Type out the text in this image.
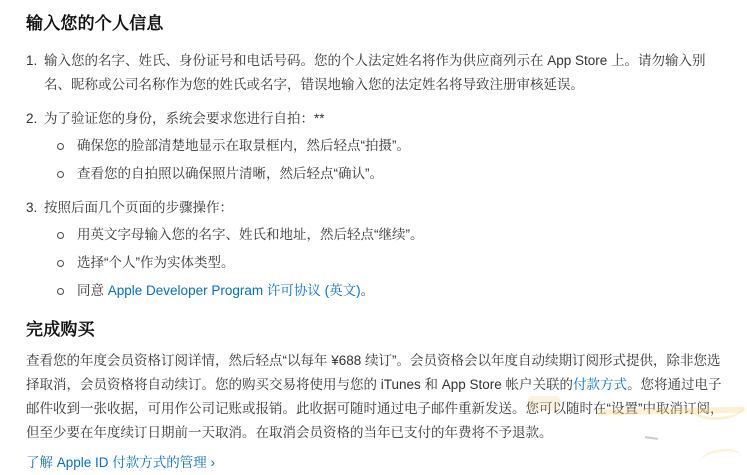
输入您的个人信息
1. 输入您的名字、姓氏、身份证号和电话号码。您的个人法定姓名将作为供应商列示在 App Store 上。请勿输入别名、昵称或公司名称作为您的姓氏或名字，错误地输入您的法定姓名将导致注册审核延误。
2. 为了验证您的身份，系统会要求您进行自拍：**
确保您的脸部清楚地显示在取景框内，然后轻点“拍摄”。
查看您的自拍照以确保照片清晰，然后轻点“确认”。
3. 按照后面几个页面的步骤操作：
用英文字母输入您的名字、姓氏和地址，然后轻点“继续”。
选择“个人”作为实体类型。
同意 Apple Developer Program 许可协议 (英文)。
完成购买

查看您的年度会员资格订阅详情，然后轻点“以每年 ¥688 续订”。会员资格会以年度自动续期订阅形式提供，除非您选择取消，会员资格将自动续订。您的购买交易将使用与您的 iTunes 和 App Store 帐户关联的付款方式。您将通过电子邮件收到一张收据，可用作公司记账或报销。此收据可随时通过电子邮件重新发送。您可以随时在“设置”中取消订阅，但至少要在年度续订日期前一天取消。在取消会员资格的当年已支付的年费将不予退款。

了解 Apple ID 付款方式的管理 ›
